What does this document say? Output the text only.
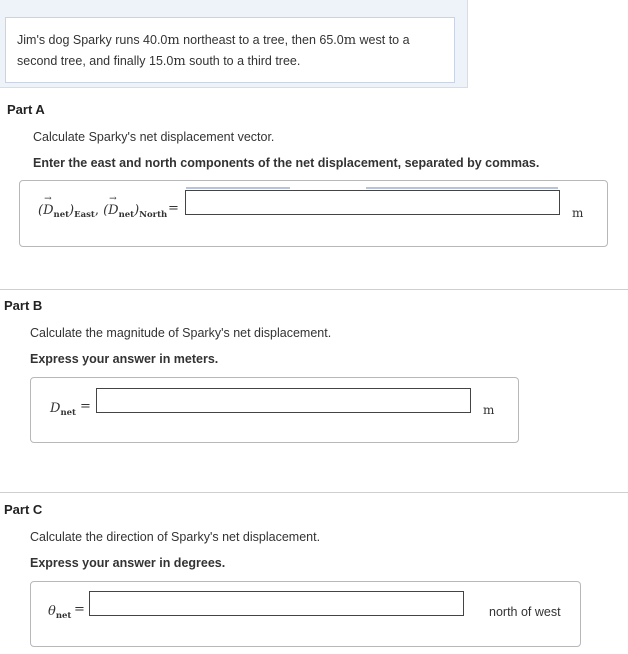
Jim's dog Sparky runs 40.0m northeast to a tree, then 65.0m west to a
second tree, and finally 15.0m south to a third tree.
Part A
Calculate Sparky's net displacement vector.
Enter the east and north components of the net displacement, separated by commas.
(→ $D_{net})_{East}$, (→ $D_{net})_{North}$ =	m
Part B
Calculate the magnitude of Sparky's net displacement.
Express your answer in meters.
$D_{net}$ =	m
Part C
Calculate the direction of Sparky's net displacement.
Express your answer in degrees.
$\theta_{net}$ =	north of west
